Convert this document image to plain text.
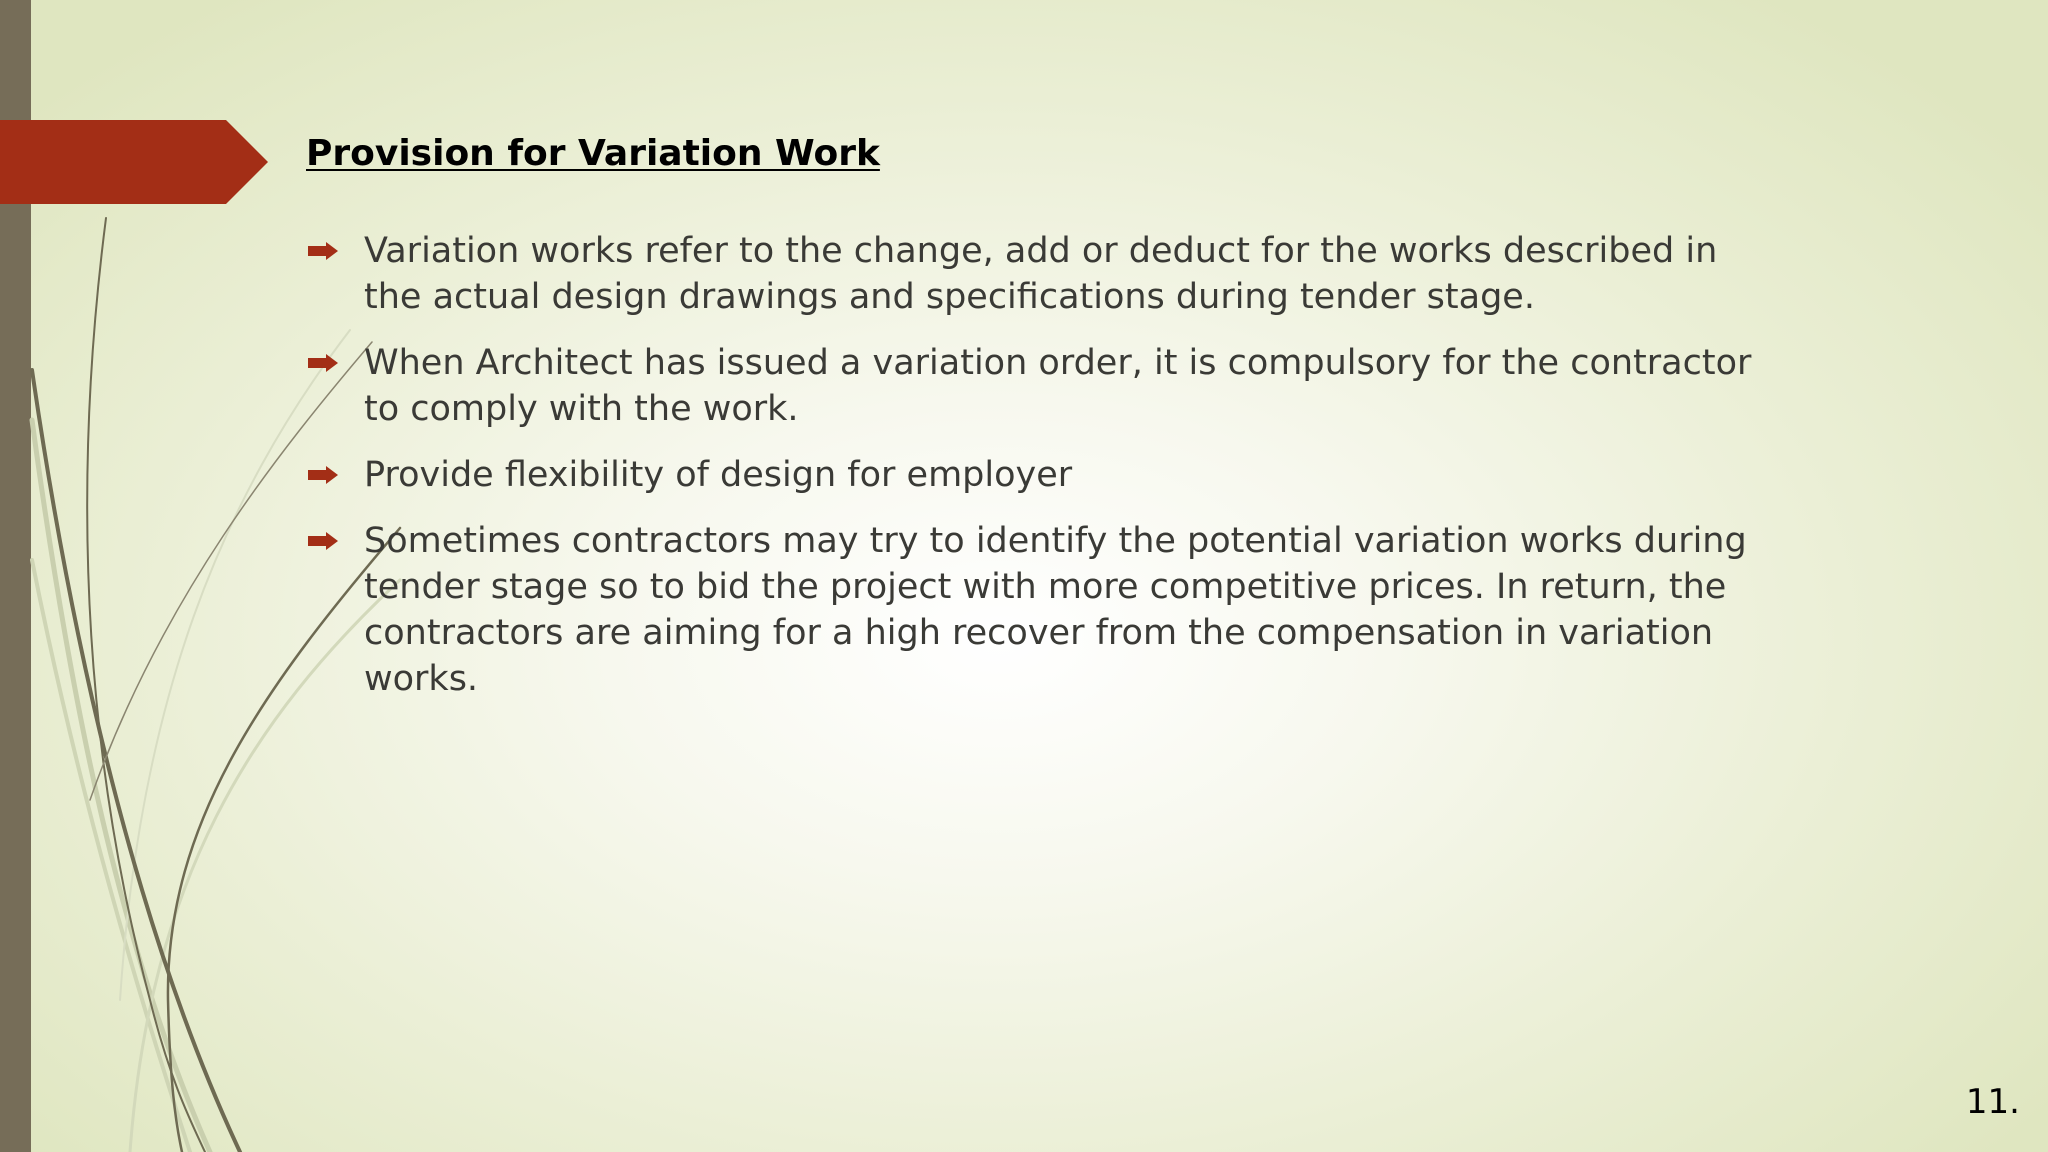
Provision for Variation Work
Variation works refer to the change, add or deduct for the works described in the actual design drawings and specifications during tender stage.
When Architect has issued a variation order, it is compulsory for the contractor to comply with the work.
Provide flexibility of design for employer
Sometimes contractors may try to identify the potential variation works during tender stage so to bid the project with more competitive prices. In return, the contractors are aiming for a high recover from the compensation in variation works.
11.
